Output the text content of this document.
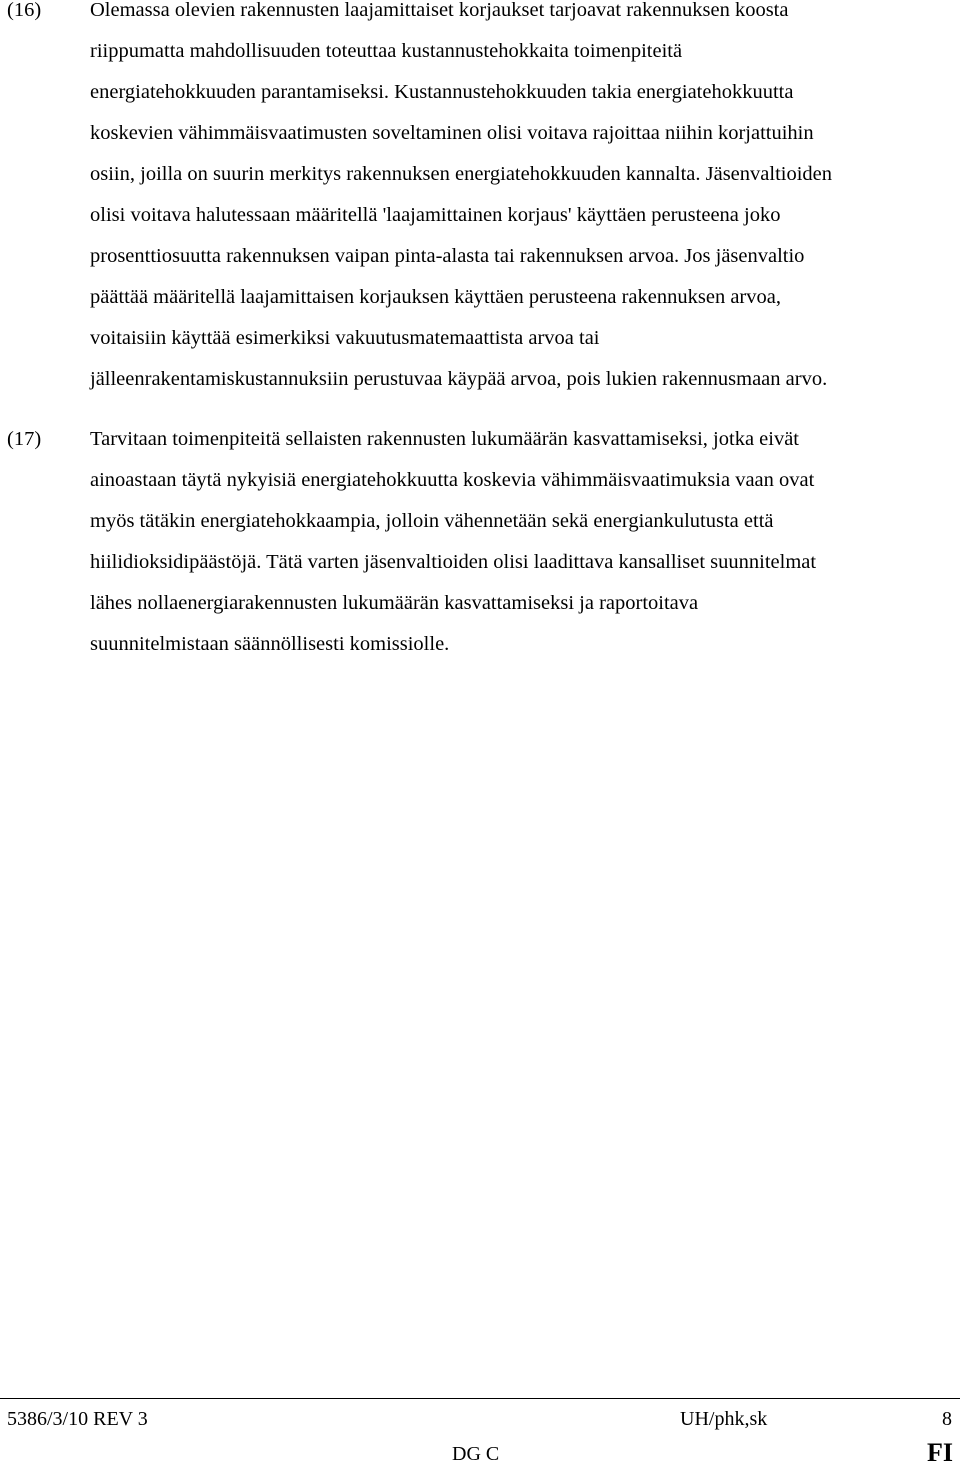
(16) Olemassa olevien rakennusten laajamittaiset korjaukset tarjoavat rakennuksen koosta
riippumatta mahdollisuuden toteuttaa kustannustehokkaita toimenpiteitä
energiatehokkuuden parantamiseksi. Kustannustehokkuuden takia energiatehokkuutta
koskevien vähimmäisvaatimusten soveltaminen olisi voitava rajoittaa niihin korjattuihin
osiin, joilla on suurin merkitys rakennuksen energiatehokkuuden kannalta. Jäsenvaltioiden
olisi voitava halutessaan määritellä 'laajamittainen korjaus' käyttäen perusteena joko
prosenttiosuutta rakennuksen vaipan pinta-alasta tai rakennuksen arvoa. Jos jäsenvaltio
päättää määritellä laajamittaisen korjauksen käyttäen perusteena rakennuksen arvoa,
voitaisiin käyttää esimerkiksi vakuutusmatemaattista arvoa tai
jälleenrakentamiskustannuksiin perustuvaa käypää arvoa, pois lukien rakennusmaan arvo.
(17) Tarvitaan toimenpiteitä sellaisten rakennusten lukumäärän kasvattamiseksi, jotka eivät
ainoastaan täytä nykyisiä energiatehokkuutta koskevia vähimmäisvaatimuksia vaan ovat
myös tätäkin energiatehokkaampia, jolloin vähennetään sekä energiankulutusta että
hiilidioksidipäästöjä. Tätä varten jäsenvaltioiden olisi laadittava kansalliset suunnitelmat
lähes nollaenergiarakennusten lukumäärän kasvattamiseksi ja raportoitava
suunnitelmistaan säännöllisesti komissiolle.
5386/3/10 REV 3	UH/phk,sk	8
DG C	FI
